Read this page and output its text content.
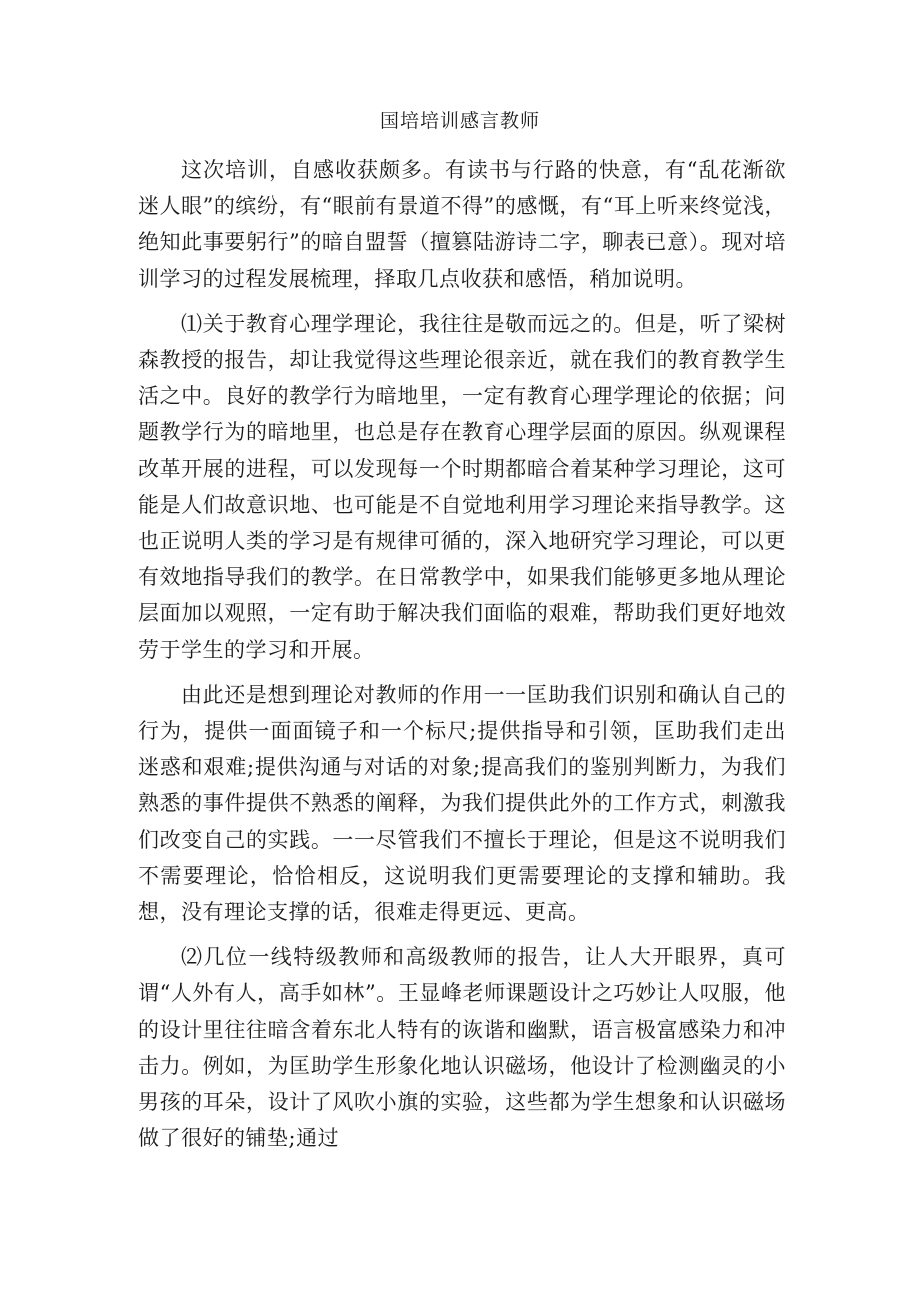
国培培训感言教师

这次培训，自感收获颇多。有读书与行路的快意，有“乱花渐欲迷人眼”的缤纷，有“眼前有景道不得”的感慨，有“耳上听来终觉浅，绝知此事要躬行”的暗自盟誓（擅篡陆游诗二字，聊表已意）。现对培训学习的过程发展梳理，择取几点收获和感悟，稍加说明。

⑴关于教育心理学理论，我往往是敬而远之的。但是，听了梁树森教授的报告，却让我觉得这些理论很亲近，就在我们的教育教学生活之中。良好的教学行为暗地里，一定有教育心理学理论的依据；问题教学行为的暗地里，也总是存在教育心理学层面的原因。纵观课程改革开展的进程，可以发现每一个时期都暗合着某种学习理论，这可能是人们故意识地、也可能是不自觉地利用学习理论来指导教学。这也正说明人类的学习是有规律可循的，深入地研究学习理论，可以更有效地指导我们的教学。在日常教学中，如果我们能够更多地从理论层面加以观照，一定有助于解决我们面临的艰难，帮助我们更好地效劳于学生的学习和开展。

由此还是想到理论对教师的作用一一匡助我们识别和确认自己的行为，提供一面面镜子和一个标尺;提供指导和引领，匡助我们走出迷惑和艰难;提供沟通与对话的对象;提高我们的鉴别判断力，为我们熟悉的事件提供不熟悉的阐释，为我们提供此外的工作方式，刺激我们改变自己的实践。一一尽管我们不擅长于理论，但是这不说明我们不需要理论，恰恰相反，这说明我们更需要理论的支撑和辅助。我想，没有理论支撑的话，很难走得更远、更高。

⑵几位一线特级教师和高级教师的报告，让人大开眼界，真可谓“人外有人，高手如林”。王显峰老师课题设计之巧妙让人叹服，他的设计里往往暗含着东北人特有的诙谐和幽默，语言极富感染力和冲击力。例如，为匡助学生形象化地认识磁场，他设计了检测幽灵的小男孩的耳朵，设计了风吹小旗的实验，这些都为学生想象和认识磁场做了很好的铺垫;通过
